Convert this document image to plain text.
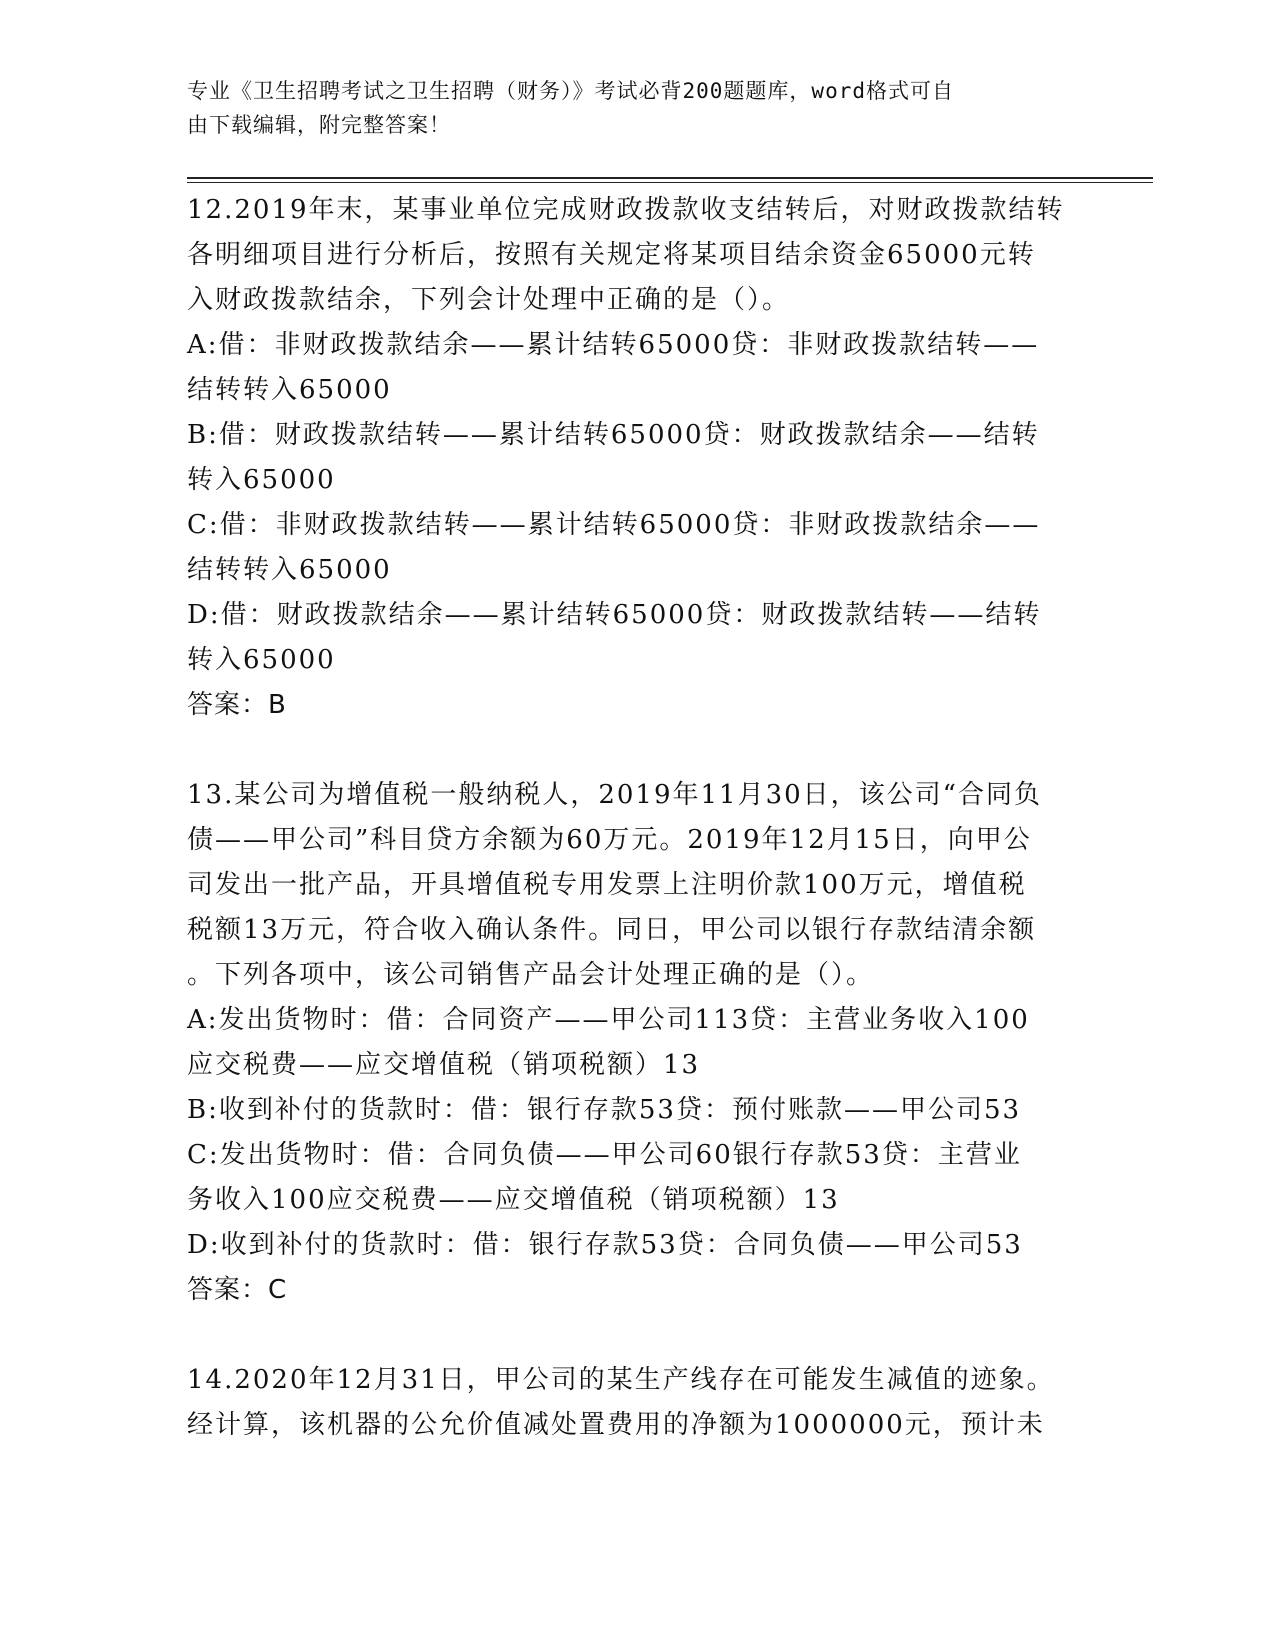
专业《卫生招聘考试之卫生招聘（财务）》考试必背200题题库，word格式可自
由下载编辑，附完整答案！
12.2019年末，某事业单位完成财政拨款收支结转后，对财政拨款结转
各明细项目进行分析后，按照有关规定将某项目结余资金65000元转
入财政拨款结余，下列会计处理中正确的是（）。
A:借：非财政拨款结余——累计结转65000贷：非财政拨款结转——
结转转入65000
B:借：财政拨款结转——累计结转65000贷：财政拨款结余——结转
转入65000
C:借：非财政拨款结转——累计结转65000贷：非财政拨款结余——
结转转入65000
D:借：财政拨款结余——累计结转65000贷：财政拨款结转——结转
转入65000
答案：B
13.某公司为增值税一般纳税人，2019年11月30日，该公司“合同负
债——甲公司”科目贷方余额为60万元。2019年12月15日，向甲公
司发出一批产品，开具增值税专用发票上注明价款100万元，增值税
税额13万元，符合收入确认条件。同日，甲公司以银行存款结清余额
。下列各项中，该公司销售产品会计处理正确的是（）。
A:发出货物时：借：合同资产——甲公司113贷：主营业务收入100
应交税费——应交增值税（销项税额）13
B:收到补付的货款时：借：银行存款53贷：预付账款——甲公司53
C:发出货物时：借：合同负债——甲公司60银行存款53贷：主营业
务收入100应交税费——应交增值税（销项税额）13
D:收到补付的货款时：借：银行存款53贷：合同负债——甲公司53
答案：C
14.2020年12月31日，甲公司的某生产线存在可能发生减值的迹象。
经计算，该机器的公允价值减处置费用的净额为1000000元，预计未
